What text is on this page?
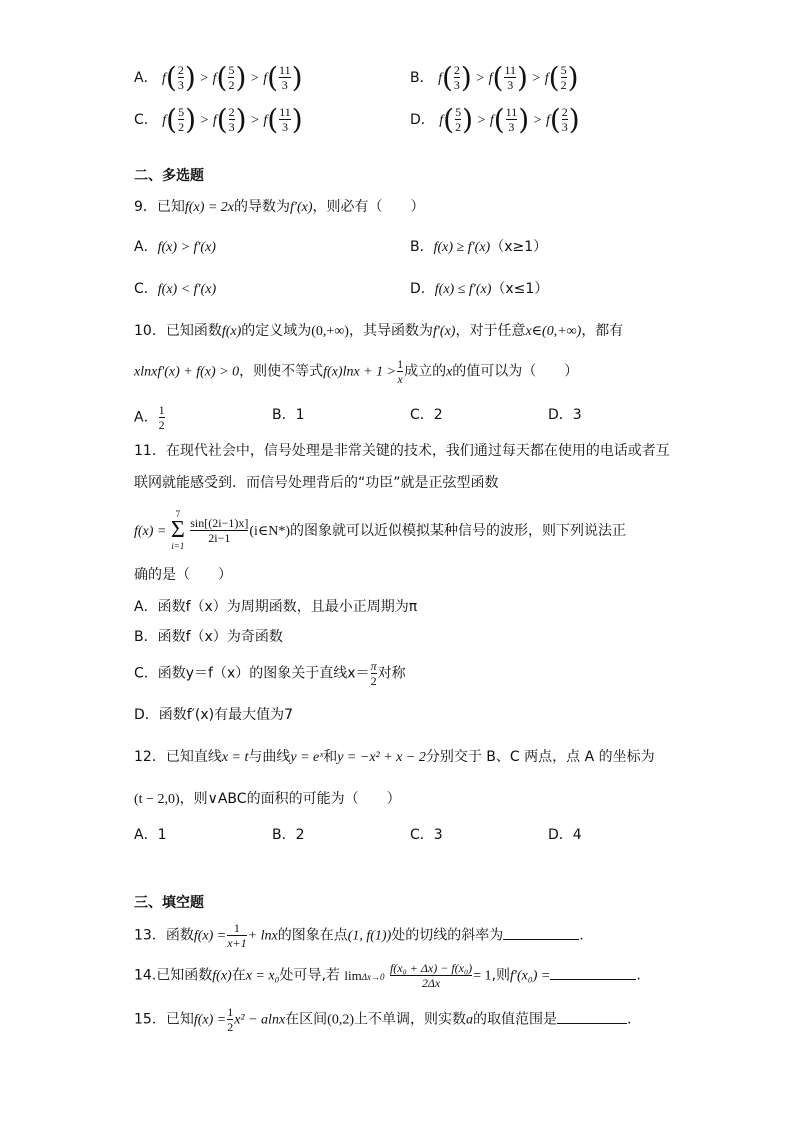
A． $f( \frac{2}{3}$ ) > $f( \frac{5}{2}$ ) > $f( \frac{11}{3}$ )	B． $f( \frac{2}{3}$ ) > $f( \frac{11}{3}$ ) > $f( \frac{5}{2}$ )
C． $f( \frac{5}{2}$ ) > $f( \frac{2}{3}$ ) > $f( \frac{11}{3}$ )	D． $f( \frac{5}{2}$ ) > $f( \frac{11}{3}$ ) > $f( \frac{2}{3}$ )
二、多选题
9．已知f(x) = 2x的导数为f′(x)，则必有（　　）
A．f(x) > f′(x)	B．f(x) ≥ f′(x)（x≥1）
C．f(x) < f′(x)	D．f(x) ≤ f′(x)（x≤1）
10．已知函数f(x)的定义域为(0,+∞)，其导函数为f′(x)，对于任意x∈(0,+∞)，都有
xlnxf′(x) + f(x) > 0，则使不等式$f(x)\ln x + 1 > \frac{1}{x}$ 成立的x的值可以为（　　）
A． $\frac{1}{2}$	B．1	C．2	D．3
11．在现代社会中，信号处理是非常关键的技术，我们通过每天都在使用的电话或者互
联网就能感受到．而信号处理背后的“功臣”就是正弦型函数
f(x) = 7
Σ
i=1
$\frac{\sin[(2i-1)x]}{2i-1}$ (i∈N*)的图象就可以近似模拟某种信号的波形，则下列说法正
确的是（　　）
A．函数f（x）为周期函数，且最小正周期为π
B．函数f（x）为奇函数
C．函数y＝f（x）的图象关于直线$x= \frac{\pi}{2}$ 对称
D．函数f′(x)有最大值为7
12．已知直线x = t与曲线y = eˣ和y = −x² + x − 2分别交于 B、C 两点，点 A 的坐标为
(t − 2,0)，则∨ABC的面积的可能为（　　）
A．1	B．2	C．3	D．4
三、填空题
13．函数$f(x) = \frac{1}{x+1} + \ln x$的图象在点(1, f(1))处的切线的斜率为	.
14.已知函数f(x)在x = x₀处可导,若 $\lim\Delta x\to 0 \frac{\text{f(x₀ + Δx) − f(x₀)}}{2\Delta x} = 1$,则f′(x₀) =	.
15．已知$f(x) = \frac{1}{2} x^2 - alnx$在区间(0,2)上不单调，则实数a的取值范围是	.
